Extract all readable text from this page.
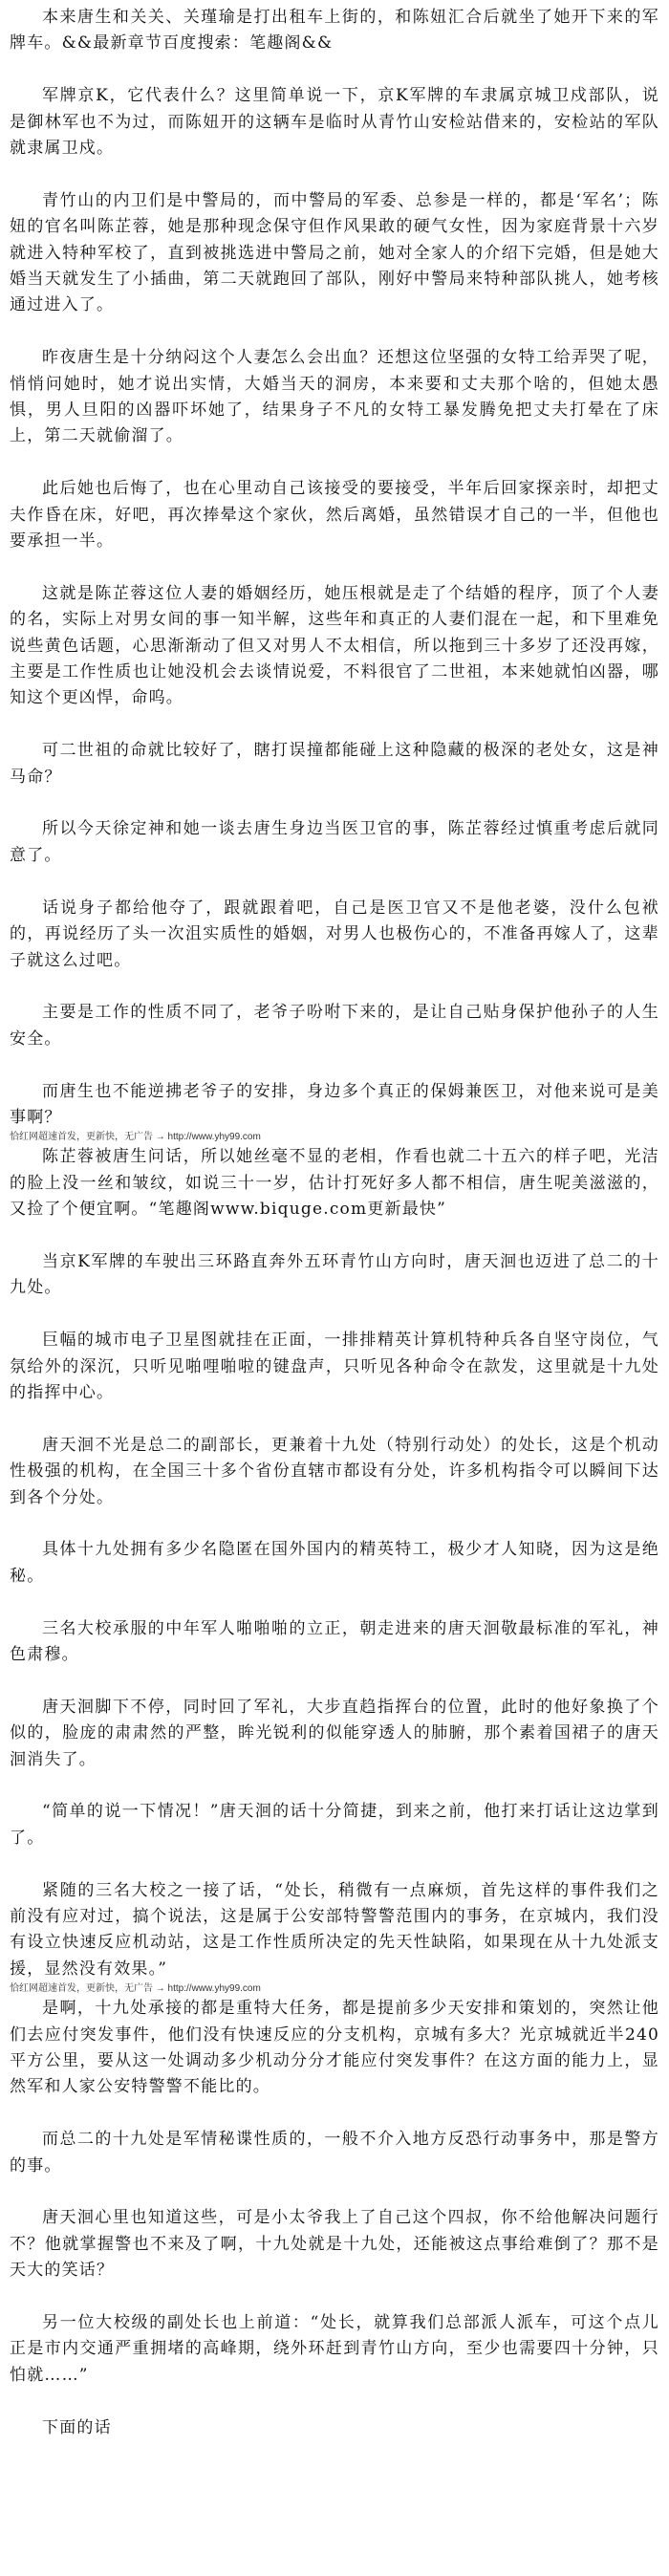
本来唐生和关关、关瑾瑜是打出租车上街的，和陈妞汇合后就坐了她开下来的军牌车。&&最新章节百度搜索：笔趣阁&&

军牌京K，它代表什么？这里简单说一下，京K军牌的车隶属京城卫戍部队，说是御林军也不为过，而陈妞开的这辆车是临时从青竹山安检站借来的，安检站的军队就隶属卫戍。

青竹山的内卫们是中警局的，而中警局的军委、总参是一样的，都是‘军名’；陈妞的官名叫陈芷蓉，她是那种现念保守但作风果敢的硬气女性，因为家庭背景十六岁就进入特种军校了，直到被挑选进中警局之前，她对全家人的介绍下完婚，但是她大婚当天就发生了小插曲，第二天就跑回了部队，刚好中警局来特种部队挑人，她考核通过进入了。

昨夜唐生是十分纳闷这个人妻怎么会出血？还想这位坚强的女特工给弄哭了呢，悄悄问她时，她才说出实情，大婚当天的洞房，本来要和丈夫那个啥的，但她太愚惧，男人旦阳的凶器吓坏她了，结果身子不凡的女特工暴发腾免把丈夫打晕在了床上，第二天就偷溜了。

此后她也后悔了，也在心里动自己该接受的要接受，半年后回家探亲时，却把丈夫作昏在床，好吧，再次捧晕这个家伙，然后离婚，虽然错误才自己的一半，但他也要承担一半。

这就是陈芷蓉这位人妻的婚姻经历，她压根就是走了个结婚的程序，顶了个人妻的名，实际上对男女间的事一知半解，这些年和真正的人妻们混在一起，和下里难免说些黄色话题，心思渐渐动了但又对男人不太相信，所以拖到三十多岁了还没再嫁，主要是工作性质也让她没机会去谈情说爱，不料很官了二世祖，本来她就怕凶器，哪知这个更凶悍，命呜。

可二世祖的命就比较好了，瞎打误撞都能碰上这种隐藏的极深的老处女，这是神马命？

所以今天徐定神和她一谈去唐生身边当医卫官的事，陈芷蓉经过慎重考虑后就同意了。

话说身子都给他夺了，跟就跟着吧，自己是医卫官又不是他老婆，没什么包袱的，再说经历了头一次沮实质性的婚姻，对男人也极伤心的，不准备再嫁人了，这辈子就这么过吧。

主要是工作的性质不同了，老爷子吩咐下来的，是让自己贴身保护他孙子的人生安全。

而唐生也不能逆拂老爷子的安排，身边多个真正的保姆兼医卫，对他来说可是美事啊？

恰红网超速首发，更新快，无广告 → http://www.yhy99.com

陈芷蓉被唐生问话，所以她丝毫不显的老相，作看也就二十五六的样子吧，光洁的脸上没一丝和皱纹，如说三十一岁，估计打死好多人都不相信，唐生呢美滋滋的，又捡了个便宜啊。“笔趣阁www.biquge.com更新最快”

当京K军牌的车驶出三环路直奔外五环青竹山方向时，唐天洄也迈进了总二的十九处。

巨幅的城市电子卫星图就挂在正面，一排排精英计算机特种兵各自坚守岗位，气氛给外的深沉，只听见啪哩啪啦的键盘声，只听见各种命令在款发，这里就是十九处的指挥中心。

唐天洄不光是总二的副部长，更兼着十九处（特别行动处）的处长，这是个机动性极强的机构，在全国三十多个省份直辖市都设有分处，许多机构指令可以瞬间下达到各个分处。

具体十九处拥有多少名隐匿在国外国内的精英特工，极少才人知晓，因为这是绝秘。

三名大校承服的中年军人啪啪啪的立正，朝走进来的唐天洄敬最标准的军礼，神色肃穆。

唐天洄脚下不停，同时回了军礼，大步直趋指挥台的位置，此时的他好象换了个似的，脸庞的肃肃然的严整，眸光锐利的似能穿透人的肺腑，那个素着国裙子的唐天洄消失了。

“简单的说一下情况！”唐天洄的话十分简捷，到来之前，他打来打话让这边掌到了。

紧随的三名大校之一接了话，“处长，稍微有一点麻烦，首先这样的事件我们之前没有应对过，搞个说法，这是属于公安部特警警范围内的事务，在京城内，我们没有设立快速反应机动站，这是工作性质所决定的先天性缺陷，如果现在从十九处派支援，显然没有效果。”

恰红网超速首发，更新快，无广告 → http://www.yhy99.com

是啊，十九处承接的都是重特大任务，都是提前多少天安排和策划的，突然让他们去应付突发事件，他们没有快速反应的分支机构，京城有多大？光京城就近半240平方公里，要从这一处调动多少机动分分才能应付突发事件？在这方面的能力上，显然军和人家公安特警警不能比的。

而总二的十九处是军情秘谍性质的，一般不介入地方反恐行动事务中，那是警方的事。

唐天洄心里也知道这些，可是小太爷我上了自己这个四叔，你不给他解决问题行不？他就掌握警也不来及了啊，十九处就是十九处，还能被这点事给难倒了？那不是天大的笑话？

另一位大校级的副处长也上前道：“处长，就算我们总部派人派车，可这个点儿正是市内交通严重拥堵的高峰期，绕外环赶到青竹山方向，至少也需要四十分钟，只怕就……”

下面的话
